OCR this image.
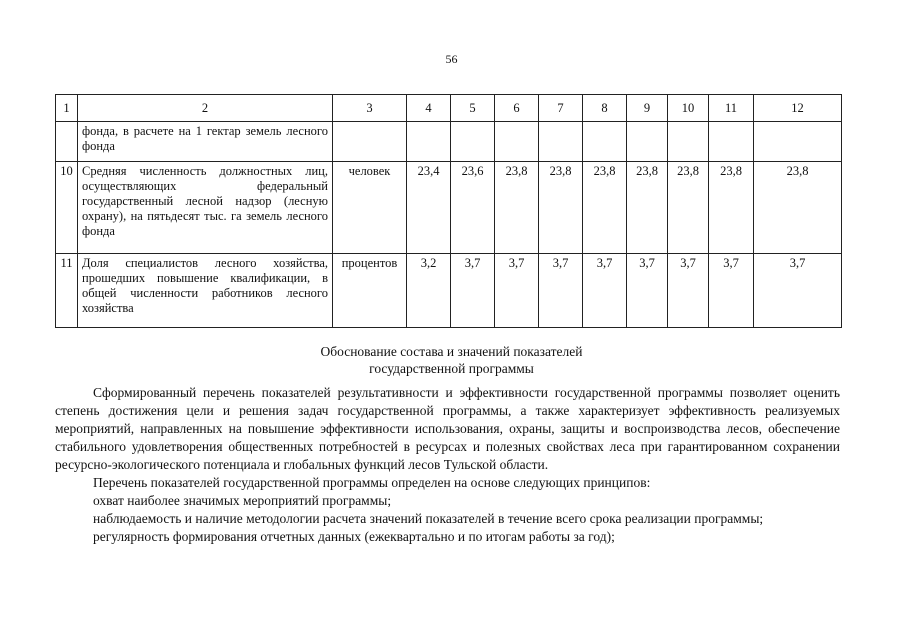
56
1	2	3	4	5	6	7	8	9	10	11	12
	фонда, в расчете на 1 гектар земель лесного фонда										
10	Средняя численность должностных лиц, осуществляющих федеральный государственный лесной надзор (лесную охрану), на пятьдесят тыс. га земель лесного фонда	человек	23,4	23,6	23,8	23,8	23,8	23,8	23,8	23,8	23,8
11	Доля специалистов лесного хозяйства, прошедших повышение квалификации, в общей численности работников лесного хозяйства	процентов	3,2	3,7	3,7	3,7	3,7	3,7	3,7	3,7	3,7
Обоснование состава и значений показателей
государственной программы

Сформированный перечень показателей результативности и эффективности государственной программы позволяет оценить степень достижения цели и решения задач государственной программы, а также характеризует эффективность реализуемых мероприятий, направленных на повышение эффективности использования, охраны, защиты и воспроизводства лесов, обеспечение стабильного удовлетворения общественных потребностей в ресурсах и полезных свойствах леса при гарантированном сохранении ресурсно-экологического потенциала и глобальных функций лесов Тульской области.

Перечень показателей государственной программы определен на основе следующих принципов:

охват наиболее значимых мероприятий программы;

наблюдаемость и наличие методологии расчета значений показателей в течение всего срока реализации программы;

регулярность формирования отчетных данных (ежеквартально и по итогам работы за год);
